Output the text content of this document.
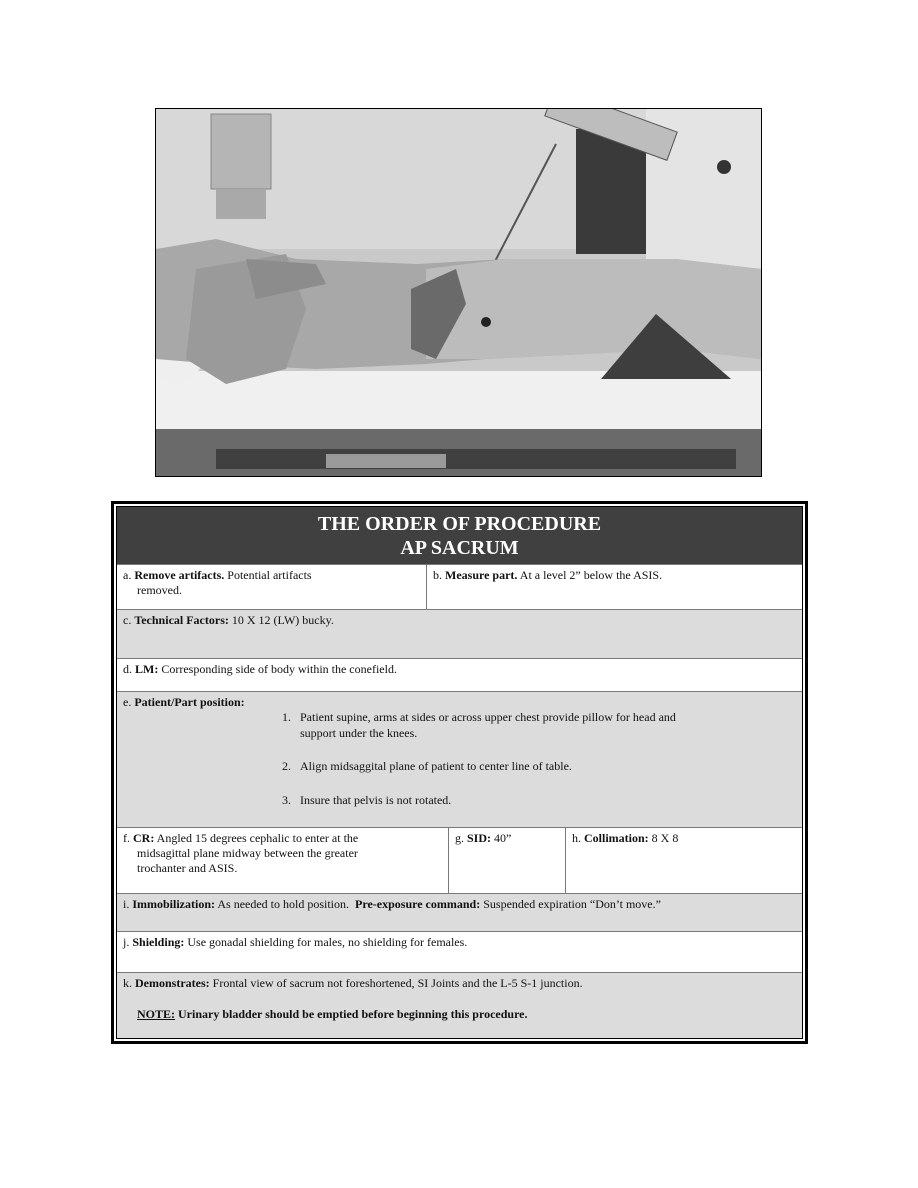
THE ORDER OF PROCEDURE
AP SACRUM
a. Remove artifacts. Potential artifacts
removed.
b. Measure part. At a level 2” below the ASIS.
c. Technical Factors: 10 X 12 (LW) bucky.
d. LM: Corresponding side of body within the conefield.
e. Patient/Part position:
1. Patient supine, arms at sides or across upper chest provide pillow for head and
support under the knees.
2. Align midsaggital plane of patient to center line of table.
3. Insure that pelvis is not rotated.
f. CR: Angled 15 degrees cephalic to enter at the
midsagittal plane midway between the greater
trochanter and ASIS.
g. SID: 40”	h. Collimation: 8 X 8
i. Immobilization: As needed to hold position. Pre-exposure command: Suspended expiration “Don’t move.”
j. Shielding: Use gonadal shielding for males, no shielding for females.
k. Demonstrates: Frontal view of sacrum not foreshortened, SI Joints and the L-5 S-1 junction.
NOTE: Urinary bladder should be emptied before beginning this procedure.
